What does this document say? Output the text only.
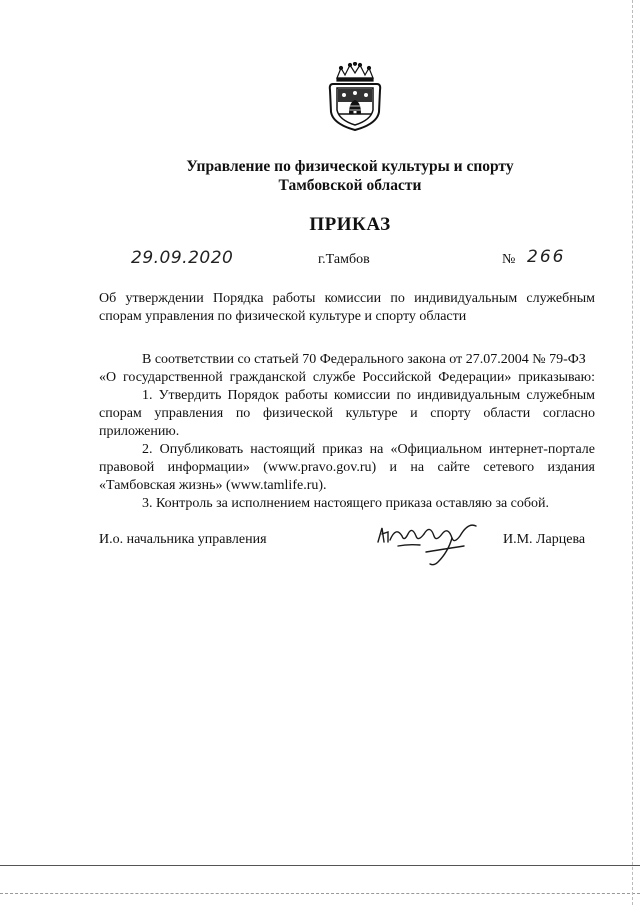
Управление по физической культуры и спорту
Тамбовской области
ПРИКАЗ
29.09.2020	г.Тамбов	№ 266
Об утверждении Порядка работы комиссии по индивидуальным служебным
спорам управления по физической культуре и спорту области
В соответствии со статьей 70 Федерального закона от 27.07.2004 № 79-ФЗ
«О государственной гражданской службе Российской Федерации» приказываю:
1. Утвердить Порядок работы комиссии по индивидуальным служебным
спорам управления по физической культуре и спорту области согласно
приложению.
2. Опубликовать настоящий приказ на «Официальном интернет-портале
правовой информации» (www.pravo.gov.ru) и на сайте сетевого издания
«Тамбовская жизнь» (www.tamlife.ru).
3. Контроль за исполнением настоящего приказа оставляю за собой.
И.о. начальника управления	И.М. Ларцева
